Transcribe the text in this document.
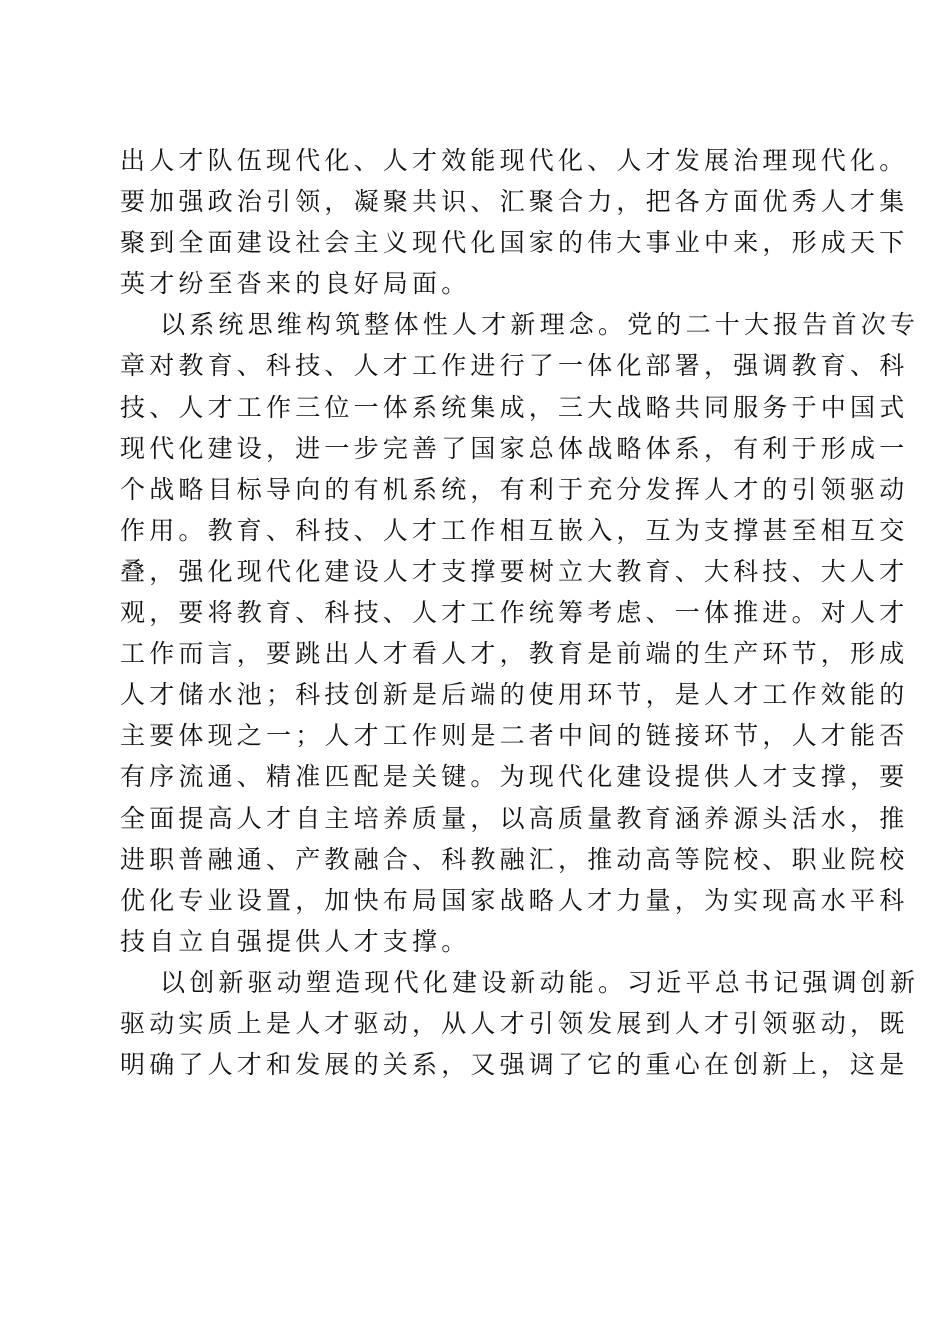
出人才队伍现代化、人才效能现代化、人才发展治理现代化。
要加强政治引领，凝聚共识、汇聚合力，把各方面优秀人才集
聚到全面建设社会主义现代化国家的伟大事业中来，形成天下
英才纷至沓来的良好局面。
以系统思维构筑整体性人才新理念。党的二十大报告首次专
章对教育、科技、人才工作进行了一体化部署，强调教育、科
技、人才工作三位一体系统集成，三大战略共同服务于中国式
现代化建设，进一步完善了国家总体战略体系，有利于形成一
个战略目标导向的有机系统，有利于充分发挥人才的引领驱动
作用。教育、科技、人才工作相互嵌入，互为支撑甚至相互交
叠，强化现代化建设人才支撑要树立大教育、大科技、大人才
观，要将教育、科技、人才工作统筹考虑、一体推进。对人才
工作而言，要跳出人才看人才，教育是前端的生产环节，形成
人才储水池；科技创新是后端的使用环节，是人才工作效能的
主要体现之一；人才工作则是二者中间的链接环节，人才能否
有序流通、精准匹配是关键。为现代化建设提供人才支撑，要
全面提高人才自主培养质量，以高质量教育涵养源头活水，推
进职普融通、产教融合、科教融汇，推动高等院校、职业院校
优化专业设置，加快布局国家战略人才力量，为实现高水平科
技自立自强提供人才支撑。
以创新驱动塑造现代化建设新动能。习近平总书记强调创新
驱动实质上是人才驱动，从人才引领发展到人才引领驱动，既
明确了人才和发展的关系，又强调了它的重心在创新上，这是
